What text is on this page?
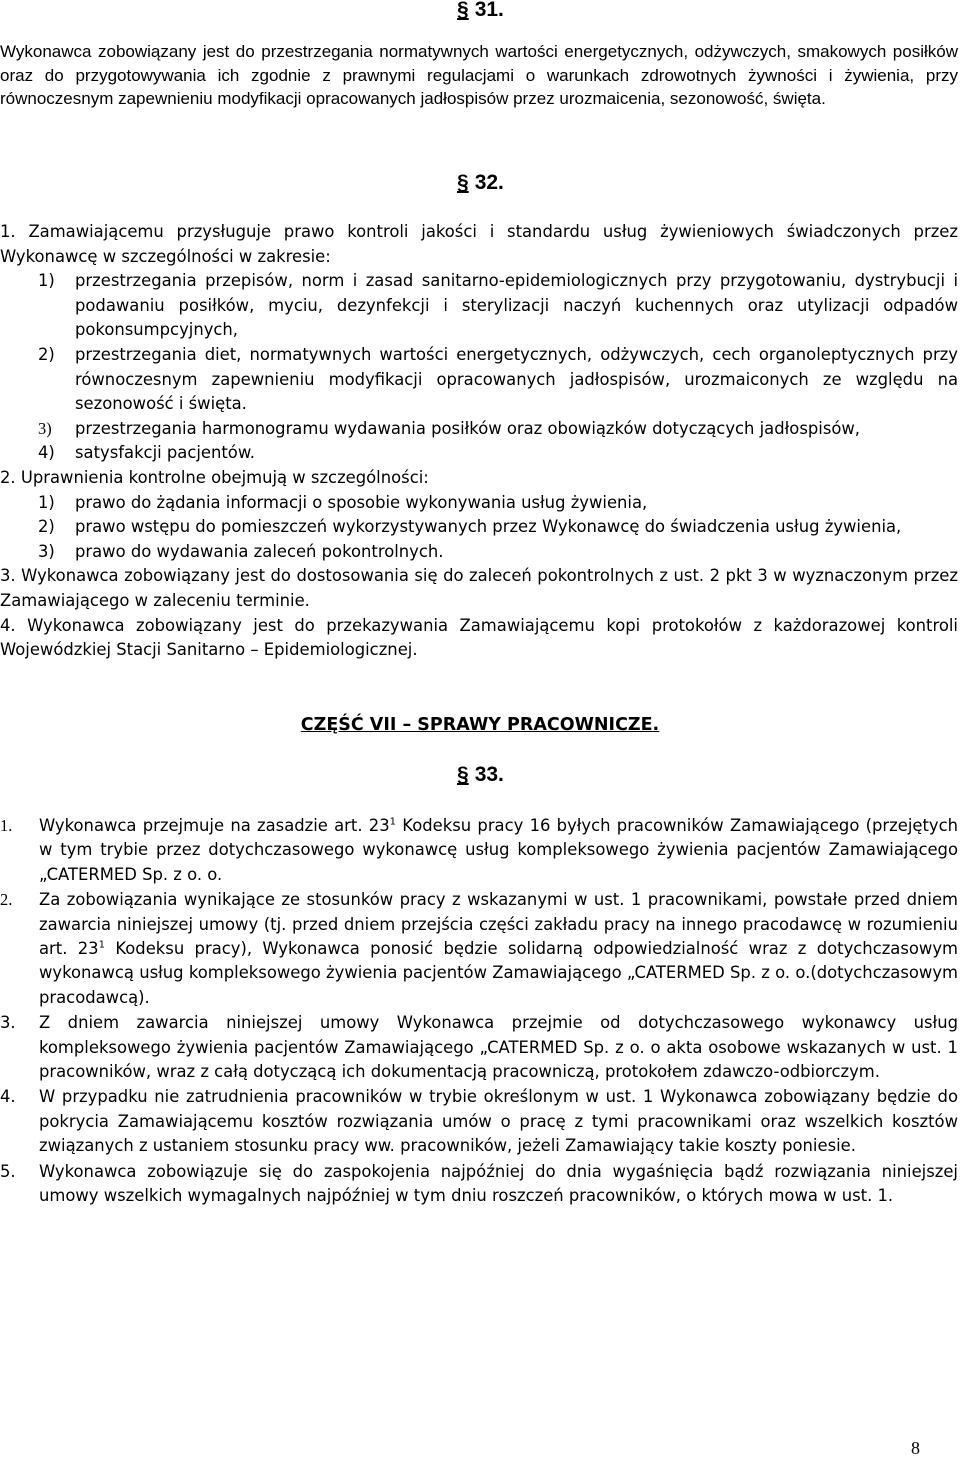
§ 31.
Wykonawca zobowiązany jest do przestrzegania normatywnych wartości energetycznych, odżywczych, smakowych posiłków oraz do przygotowywania ich zgodnie z prawnymi regulacjami o warunkach zdrowotnych żywności i żywienia, przy równoczesnym zapewnieniu modyfikacji opracowanych jadłospisów przez urozmaicenia, sezonowość, święta.
§ 32.
1. Zamawiającemu przysługuje prawo kontroli jakości i standardu usług żywieniowych świadczonych przez Wykonawcę w szczególności w zakresie:
1) przestrzegania przepisów, norm i zasad sanitarno-epidemiologicznych przy przygotowaniu, dystrybucji i podawaniu posiłków, myciu, dezynfekcji i sterylizacji naczyń kuchennych oraz utylizacji odpadów pokonsumpcyjnych,
2) przestrzegania diet, normatywnych wartości energetycznych, odżywczych, cech organoleptycznych przy równoczesnym zapewnieniu modyfikacji opracowanych jadłospisów, urozmaiconych ze względu na sezonowość i święta.
3) przestrzegania harmonogramu wydawania posiłków oraz obowiązków dotyczących jadłospisów,
4) satysfakcji pacjentów.
2. Uprawnienia kontrolne obejmują w szczególności:
1) prawo do żądania informacji o sposobie wykonywania usług żywienia,
2) prawo wstępu do pomieszczeń wykorzystywanych przez Wykonawcę do świadczenia usług żywienia,
3) prawo do wydawania zaleceń pokontrolnych.
3. Wykonawca zobowiązany jest do dostosowania się do zaleceń pokontrolnych z ust. 2 pkt 3 w wyznaczonym przez Zamawiającego w zaleceniu terminie.
4. Wykonawca zobowiązany jest do przekazywania Zamawiającemu kopi protokołów z każdorazowej kontroli Wojewódzkiej Stacji Sanitarno – Epidemiologicznej.
CZĘŚĆ VII – SPRAWY PRACOWNICZE.
§ 33.
1. Wykonawca przejmuje na zasadzie art. $23^1$ Kodeksu pracy 16 byłych pracowników Zamawiającego (przejętych w tym trybie przez dotychczasowego wykonawcę usług kompleksowego żywienia pacjentów Zamawiającego „CATERMED Sp. z o. o.
2. Za zobowiązania wynikające ze stosunków pracy z wskazanymi w ust. 1 pracownikami, powstałe przed dniem zawarcia niniejszej umowy (tj. przed dniem przejścia części zakładu pracy na innego pracodawcę w rozumieniu art. $23^1$ Kodeksu pracy), Wykonawca ponosić będzie solidarną odpowiedzialność wraz z dotychczasowym wykonawcą usług kompleksowego żywienia pacjentów Zamawiającego „CATERMED Sp. z o. o.(dotychczasowym pracodawcą).
3. Z dniem zawarcia niniejszej umowy Wykonawca przejmie od dotychczasowego wykonawcy usług kompleksowego żywienia pacjentów Zamawiającego „CATERMED Sp. z o. o akta osobowe wskazanych w ust. 1 pracowników, wraz z całą dotyczącą ich dokumentacją pracowniczą, protokołem zdawczo-odbiorczym.
4. W przypadku nie zatrudnienia pracowników w trybie określonym w ust. 1 Wykonawca zobowiązany będzie do pokrycia Zamawiającemu kosztów rozwiązania umów o pracę z tymi pracownikami oraz wszelkich kosztów związanych z ustaniem stosunku pracy ww. pracowników, jeżeli Zamawiający takie koszty poniesie.
5. Wykonawca zobowiązuje się do zaspokojenia najpóźniej do dnia wygaśnięcia bądź rozwiązania niniejszej umowy wszelkich wymagalnych najpóźniej w tym dniu roszczeń pracowników, o których mowa w ust. 1.
8
